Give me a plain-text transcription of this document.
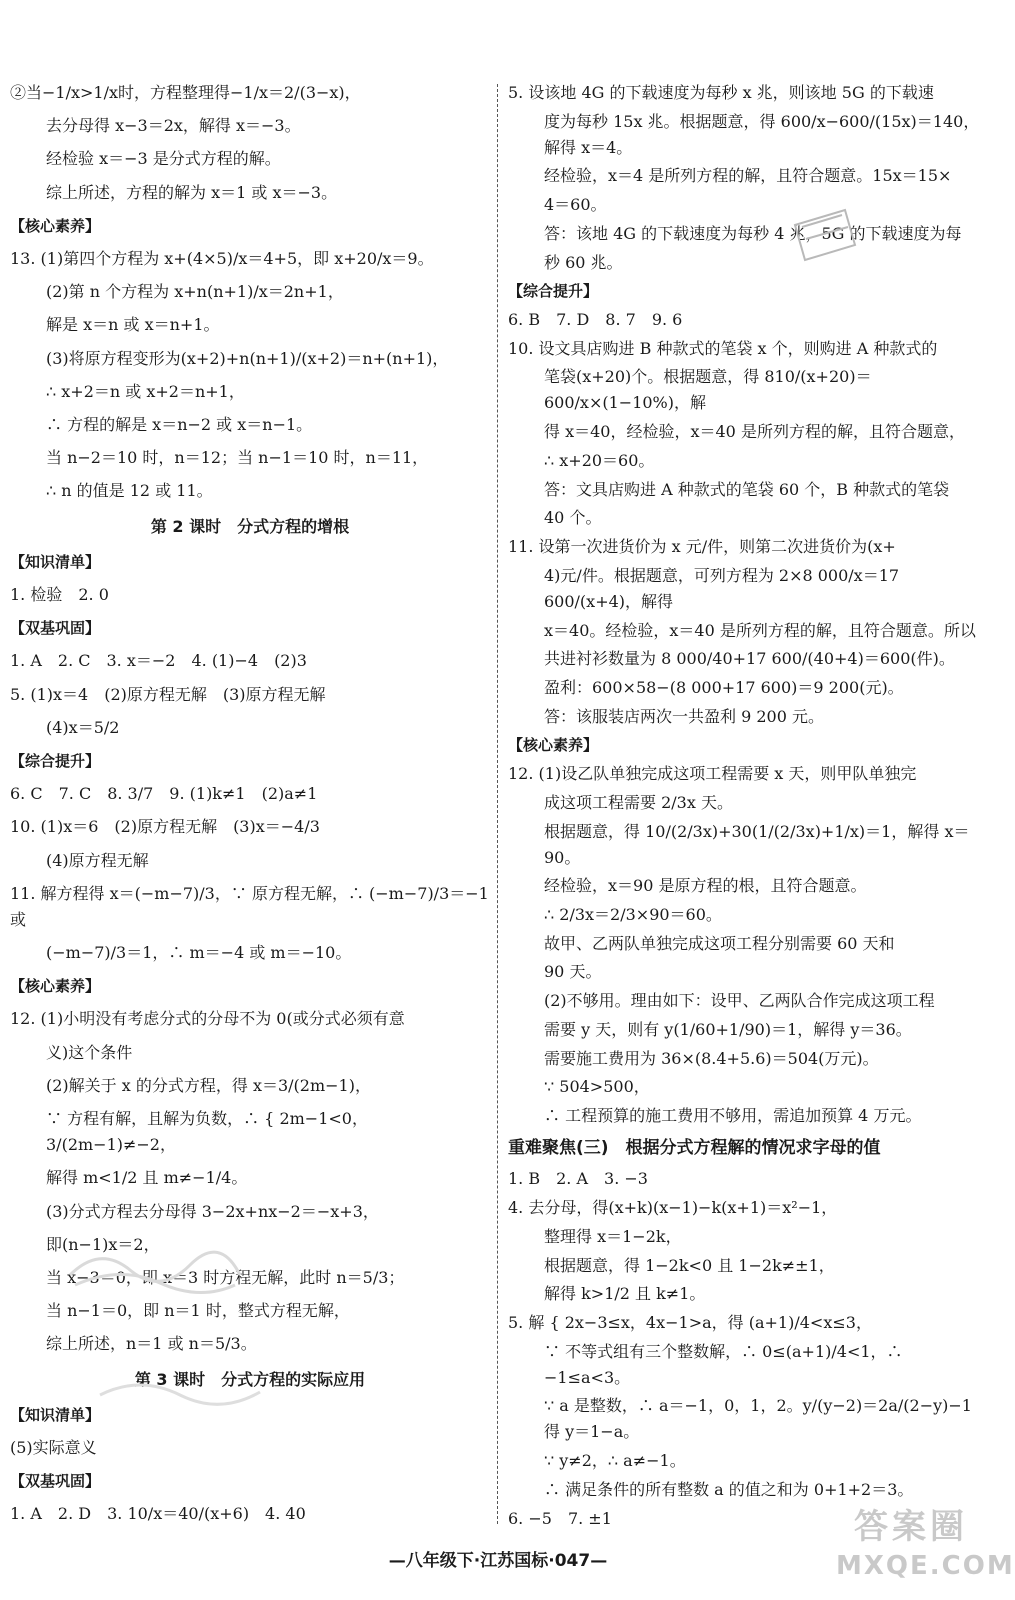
②当−1/x>1/x时，方程整理得−1/x＝2/(3−x)，
去分母得 x−3＝2x，解得 x＝−3。
经检验 x＝−3 是分式方程的解。
综上所述，方程的解为 x＝1 或 x＝−3。
【核心素养】
13. (1)第四个方程为 x+(4×5)/x＝4+5，即 x+20/x＝9。
(2)第 n 个方程为 x+n(n+1)/x＝2n+1，
解是 x＝n 或 x＝n+1。
(3)将原方程变形为(x+2)+n(n+1)/(x+2)＝n+(n+1)，
∴ x+2＝n 或 x+2＝n+1，
∴ 方程的解是 x＝n−2 或 x＝n−1。
当 n−2＝10 时，n＝12；当 n−1＝10 时，n＝11，
∴ n 的值是 12 或 11。
第 2 课时　分式方程的增根
【知识清单】
1. 检验　2. 0
【双基巩固】
1. A　2. C　3. x＝−2　4. (1)−4　(2)3
5. (1)x＝4　(2)原方程无解　(3)原方程无解
(4)x＝5/2
【综合提升】
6. C　7. C　8. 3/7　9. (1)k≠1　(2)a≠1
10. (1)x＝6　(2)原方程无解　(3)x＝−4/3
(4)原方程无解
11. 解方程得 x＝(−m−7)/3，∵ 原方程无解，∴ (−m−7)/3＝−1 或
(−m−7)/3＝1，∴ m＝−4 或 m＝−10。
【核心素养】
12. (1)小明没有考虑分式的分母不为 0(或分式必须有意
义)这个条件
(2)解关于 x 的分式方程，得 x＝3/(2m−1)，
∵ 方程有解，且解为负数，∴ { 2m−1<0，3/(2m−1)≠−2，
解得 m<1/2 且 m≠−1/4。
(3)分式方程去分母得 3−2x+nx−2＝−x+3，
即(n−1)x＝2，
当 x−3＝0，即 x＝3 时方程无解，此时 n＝5/3；
当 n−1＝0，即 n＝1 时，整式方程无解，
综上所述，n＝1 或 n＝5/3。
第 3 课时　分式方程的实际应用
【知识清单】
(5)实际意义
【双基巩固】
1. A　2. D　3. 10/x＝40/(x+6)　4. 40
5. 设该地 4G 的下载速度为每秒 x 兆，则该地 5G 的下载速
度为每秒 15x 兆。根据题意，得 600/x−600/(15x)＝140，解得 x＝4。
经检验，x＝4 是所列方程的解，且符合题意。15x＝15×
4＝60。
答：该地 4G 的下载速度为每秒 4 兆，5G 的下载速度为每
秒 60 兆。
【综合提升】
6. B　7. D　8. 7　9. 6
10. 设文具店购进 B 种款式的笔袋 x 个，则购进 A 种款式的
笔袋(x+20)个。根据题意，得 810/(x+20)＝600/x×(1−10%)，解
得 x＝40，经检验，x＝40 是所列方程的解，且符合题意，
∴ x+20＝60。
答：文具店购进 A 种款式的笔袋 60 个，B 种款式的笔袋
40 个。
11. 设第一次进货价为 x 元/件，则第二次进货价为(x+
4)元/件。根据题意，可列方程为 2×8 000/x＝17 600/(x+4)，解得
x＝40。经检验，x＝40 是所列方程的解，且符合题意。所以
共进衬衫数量为 8 000/40+17 600/(40+4)＝600(件)。
盈利：600×58−(8 000+17 600)＝9 200(元)。
答：该服装店两次一共盈利 9 200 元。
【核心素养】
12. (1)设乙队单独完成这项工程需要 x 天，则甲队单独完
成这项工程需要 2/3x 天。
根据题意，得 10/(2/3x)+30(1/(2/3x)+1/x)＝1，解得 x＝90。
经检验，x＝90 是原方程的根，且符合题意。
∴ 2/3x＝2/3×90＝60。
故甲、乙两队单独完成这项工程分别需要 60 天和
90 天。
(2)不够用。理由如下：设甲、乙两队合作完成这项工程
需要 y 天，则有 y(1/60+1/90)＝1，解得 y＝36。
需要施工费用为 36×(8.4+5.6)＝504(万元)。
∵ 504>500，
∴ 工程预算的施工费用不够用，需追加预算 4 万元。
重难聚焦(三)　根据分式方程解的情况求字母的值
1. B　2. A　3. −3
4. 去分母，得(x+k)(x−1)−k(x+1)＝x²−1，
整理得 x＝1−2k，
根据题意，得 1−2k<0 且 1−2k≠±1，
解得 k>1/2 且 k≠1。
5. 解 { 2x−3≤x，4x−1>a，得 (a+1)/4<x≤3，
∵ 不等式组有三个整数解，∴ 0≤(a+1)/4<1，∴ −1≤a<3。
∵ a 是整数，∴ a＝−1，0，1，2。y/(y−2)＝2a/(2−y)−1 得 y＝1−a。
∵ y≠2，∴ a≠−1。
∴ 满足条件的所有整数 a 的值之和为 0+1+2＝3。
6. −5　7. ±1
—八年级下·江苏国标·047—
答案圈
MXQE.COM
